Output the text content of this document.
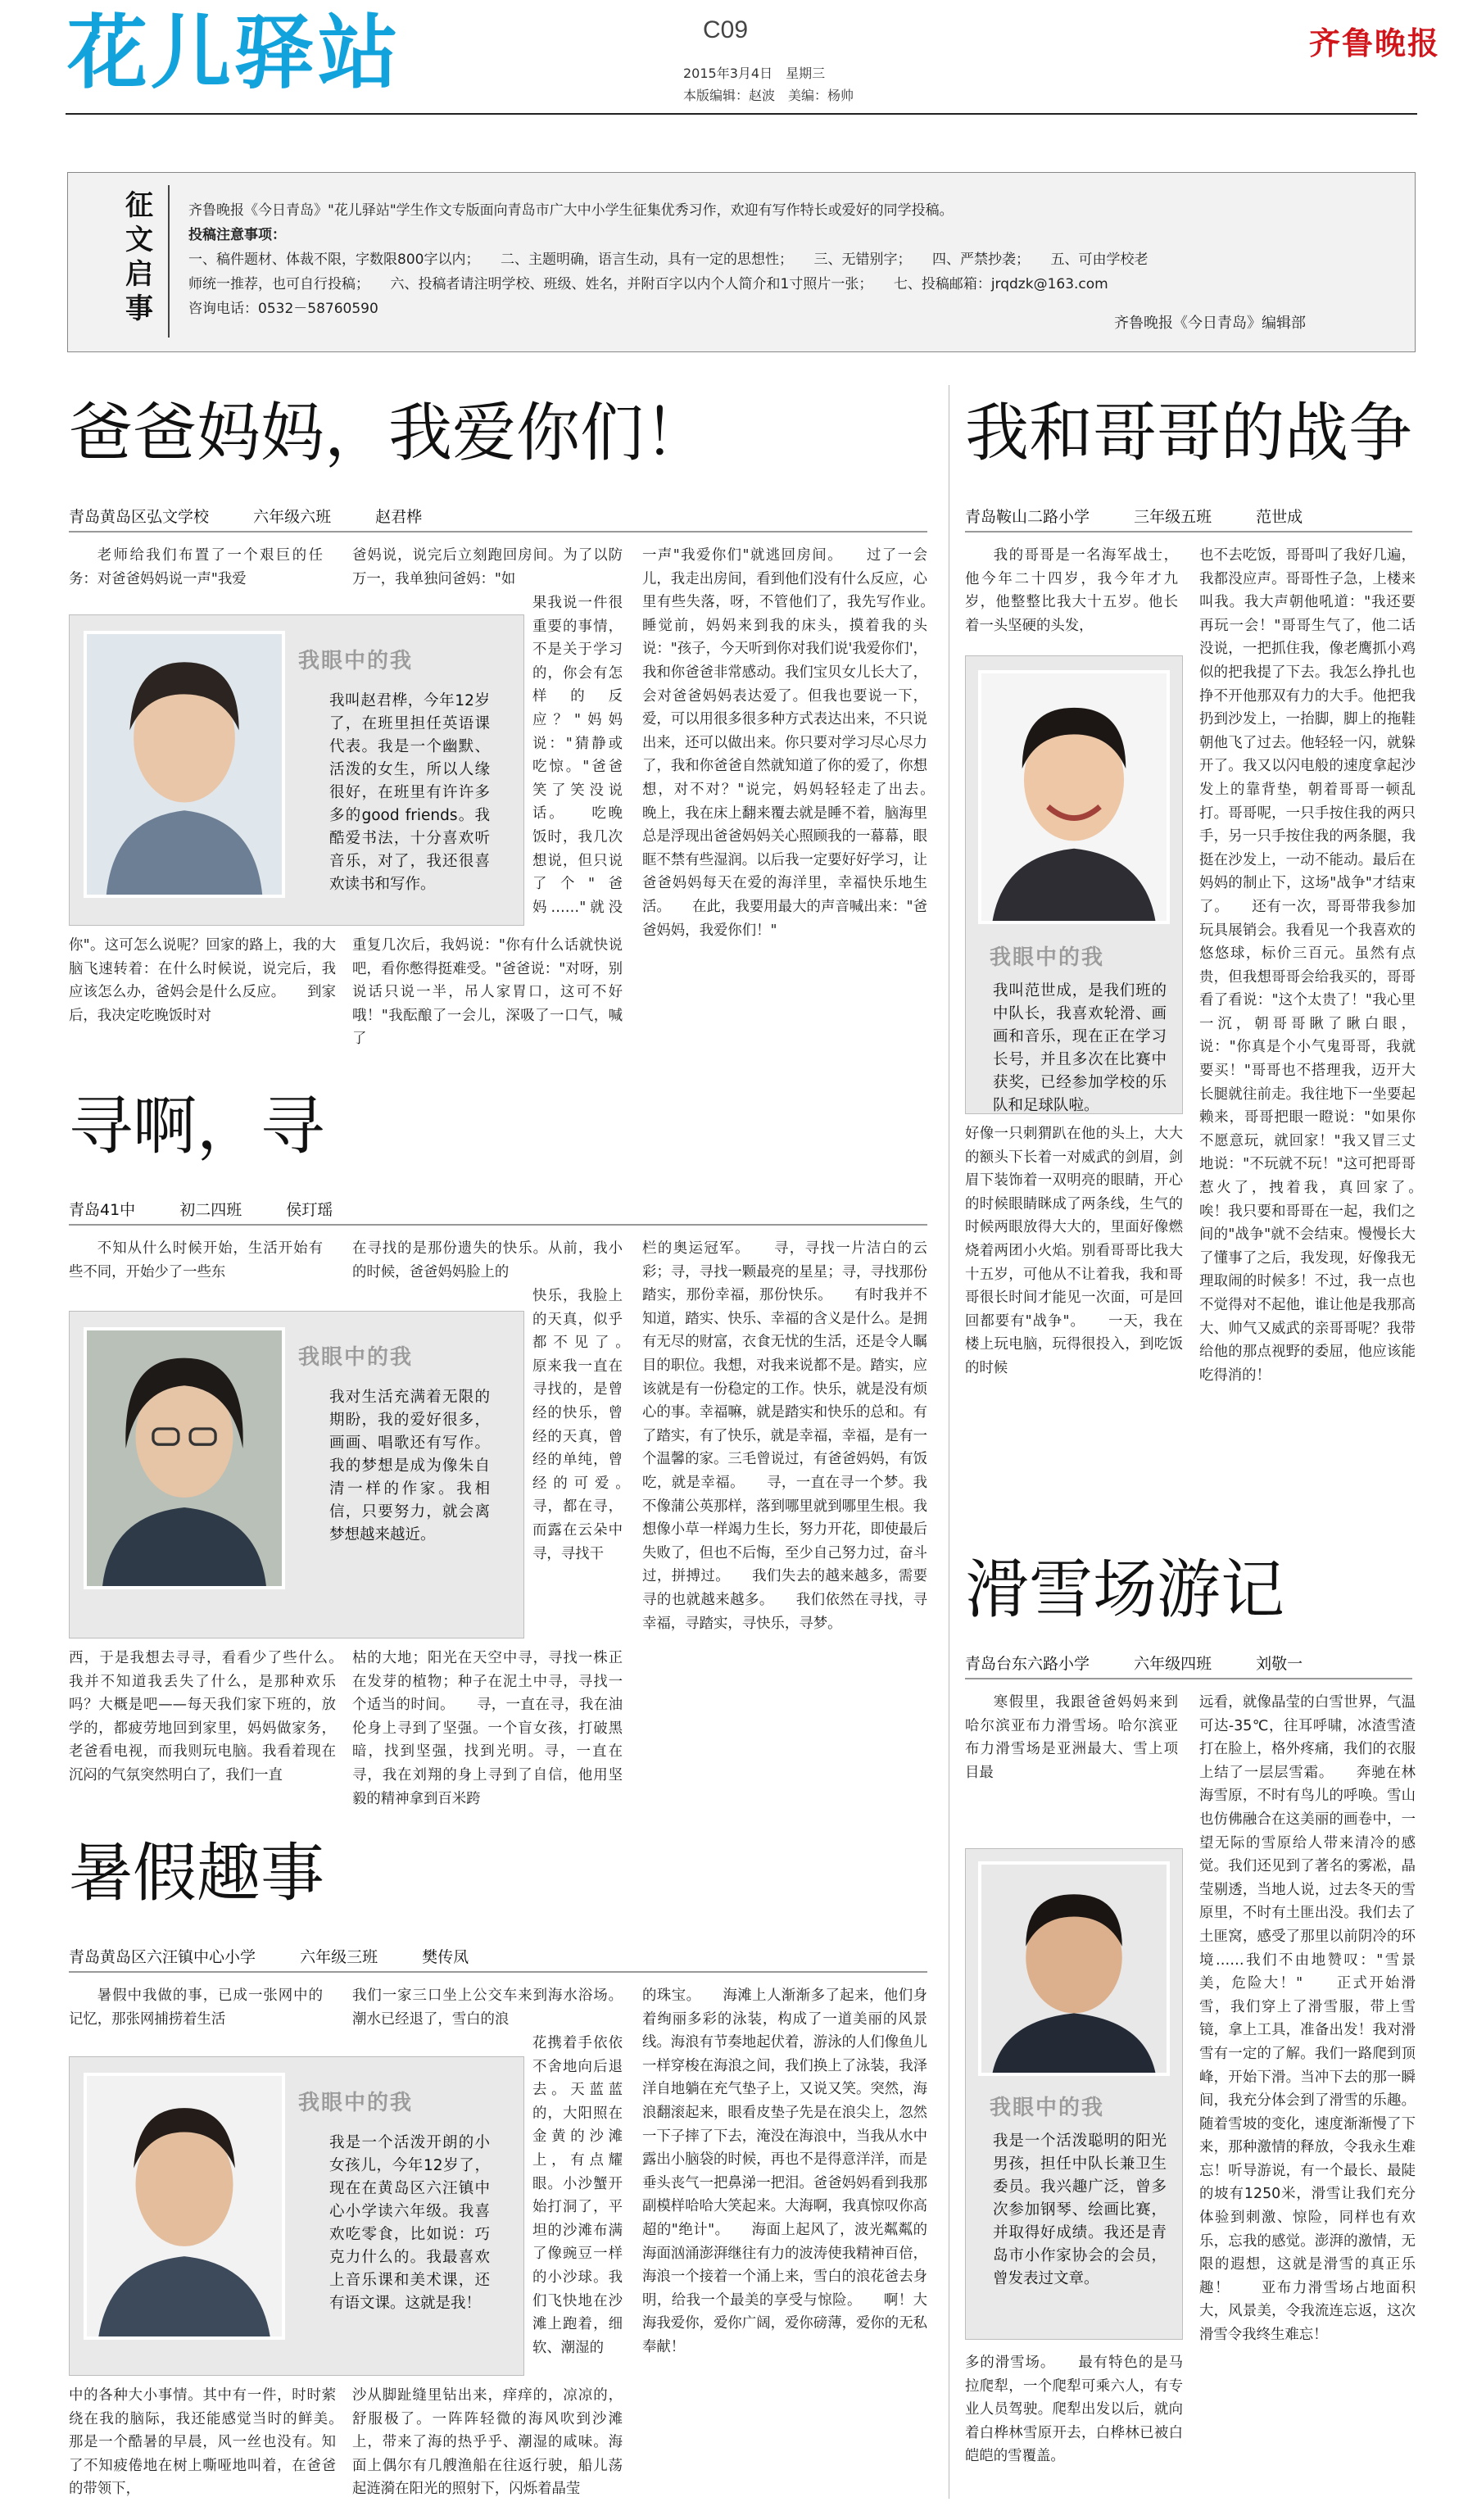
花儿驿站	C09
2015年3月4日　星期三
本版编辑：赵波　美编：杨帅
齐鲁晚报
征文启事

齐鲁晚报《今日青岛》"花儿驿站"学生作文专版面向青岛市广大中小学生征集优秀习作，欢迎有写作特长或爱好的同学投稿。

投稿注意事项：

一、稿件题材、体裁不限，字数限800字以内；　　二、主题明确，语言生动，具有一定的思想性；　　三、无错别字；　　四、严禁抄袭；　　五、可由学校老

师统一推荐，也可自行投稿；　　六、投稿者请注明学校、班级、姓名，并附百字以内个人简介和1寸照片一张；　　七、投稿邮箱：jrqdzk@163.com

咨询电话：0532－58760590

齐鲁晚报《今日青岛》编辑部
爸爸妈妈，我爱你们！
青岛黄岛区弘文学校	六年级六班	赵君桦

老师给我们布置了一个艰巨的任务：对爸爸妈妈说一声"我爱

爸妈说，说完后立刻跑回房间。为了以防万一，我单独问爸妈："如

果我说一件很重要的事情，不是关于学习的，你会有怎样的反应？"妈妈说："猜静或吃惊。"爸爸笑了笑没说话。　　吃晚饭时，我几次想说，但只说了个"爸妈……"就没

一声"我爱你们"就逃回房间。　　过了一会儿，我走出房间，看到他们没有什么反应，心里有些失落，呀，不管他们了，我先写作业。　　睡觉前，妈妈来到我的床头，摸着我的头说："孩子，今天听到你对我们说'我爱你们'，我和你爸爸非常感动。我们宝贝女儿长大了，会对爸爸妈妈表达爱了。但我也要说一下，爱，可以用很多很多种方式表达出来，不只说出来，还可以做出来。你只要对学习尽心尽力了，我和你爸爸自然就知道了你的爱了，你想想，对不对？"说完，妈妈轻轻走了出去。　　晚上，我在床上翻来覆去就是睡不着，脑海里总是浮现出爸爸妈妈关心照顾我的一幕幕，眼眶不禁有些湿润。以后我一定要好好学习，让爸爸妈妈每天在爱的海洋里，幸福快乐地生活。　　在此，我要用最大的声音喊出来："爸爸妈妈，我爱你们！"

我眼中的我
我叫赵君桦，今年12岁了，在班里担任英语课代表。我是一个幽默、活泼的女生，所以人缘很好，在班里有许许多多的good friends。我酷爱书法，十分喜欢听音乐，对了，我还很喜欢读书和写作。

你"。这可怎么说呢？回家的路上，我的大脑飞速转着：在什么时候说，说完后，我应该怎么办，爸妈会是什么反应。　　到家后，我决定吃晚饭时对

重复几次后，我妈说："你有什么话就快说吧，看你憋得挺难受。"爸爸说："对呀，别说话只说一半，吊人家胃口，这可不好哦！"我酝酿了一会儿，深吸了一口气，喊了

寻啊，寻
青岛41中	初二四班	侯玎瑶

不知从什么时候开始，生活开始有些不同，开始少了一些东

在寻找的是那份遗失的快乐。从前，我小的时候，爸爸妈妈脸上的

快乐，我脸上的天真，似乎都不见了。　　原来我一直在寻找的，是曾经的快乐，曾经的天真，曾经的单纯，曾经的可爱。　　寻，都在寻，而露在云朵中寻，寻找干

栏的奥运冠军。　　寻，寻找一片洁白的云彩；寻，寻找一颗最亮的星星；寻，寻找那份踏实，那份幸福，那份快乐。　　有时我并不知道，踏实、快乐、幸福的含义是什么。是拥有无尽的财富，衣食无忧的生活，还是令人瞩目的职位。我想，对我来说都不是。踏实，应该就是有一份稳定的工作。快乐，就是没有烦心的事。幸福嘛，就是踏实和快乐的总和。有了踏实，有了快乐，就是幸福，幸福，是有一个温馨的家。三毛曾说过，有爸爸妈妈，有饭吃，就是幸福。　　寻，一直在寻一个梦。我不像蒲公英那样，落到哪里就到哪里生根。我想像小草一样竭力生长，努力开花，即使最后失败了，但也不后悔，至少自己努力过，奋斗过，拼搏过。　　我们失去的越来越多，需要寻的也就越来越多。　　我们依然在寻找，寻幸福，寻踏实，寻快乐，寻梦。

我眼中的我
我对生活充满着无限的期盼，我的爱好很多，画画、唱歌还有写作。我的梦想是成为像朱自清一样的作家。我相信，只要努力，就会离梦想越来越近。

西，于是我想去寻寻，看看少了些什么。　　我并不知道我丢失了什么，是那种欢乐吗？大概是吧——每天我们家下班的，放学的，都疲劳地回到家里，妈妈做家务，老爸看电视，而我则玩电脑。我看着现在沉闷的气氛突然明白了，我们一直

枯的大地；阳光在天空中寻，寻找一株正在发芽的植物；种子在泥土中寻，寻找一个适当的时间。　　寻，一直在寻，我在油伦身上寻到了坚强。一个盲女孩，打破黑暗，找到坚强，找到光明。寻，一直在寻，我在刘翔的身上寻到了自信，他用坚毅的精神拿到百米跨

暑假趣事
青岛黄岛区六汪镇中心小学	六年级三班	樊传凤

暑假中我做的事，已成一张网中的记忆，那张网捕捞着生活

我们一家三口坐上公交车来到海水浴场。潮水已经退了，雪白的浪

花携着手依依不舍地向后退去。天蓝蓝的，大阳照在金黄的沙滩上，有点耀眼。小沙蟹开始打洞了，平坦的沙滩布满了像豌豆一样的小沙球。我们飞快地在沙滩上跑着，细软、潮湿的

的珠宝。　　海滩上人渐渐多了起来，他们身着绚丽多彩的泳装，构成了一道美丽的风景线。海浪有节奏地起伏着，游泳的人们像鱼儿一样穿梭在海浪之间，我们换上了泳装，我泽洋自地躺在充气垫子上，又说又笑。突然，海浪翻滚起来，眼看皮垫子先是在浪尖上，忽然一下子摔了下去，淹没在海浪中，当我从水中露出小脑袋的时候，再也不是得意洋洋，而是垂头丧气一把鼻涕一把泪。爸爸妈妈看到我那副模样哈哈大笑起来。大海啊，我真惊叹你高超的"绝计"。　　海面上起风了，波光粼粼的海面汹涌澎湃继往有力的波涛使我精神百倍，海浪一个接着一个涌上来，雪白的浪花爸去身明，给我一个最美的享受与惊险。　　啊！大海我爱你，爱你广阔，爱你磅薄，爱你的无私奉献！

我眼中的我
我是一个活泼开朗的小女孩儿，今年12岁了，现在在黄岛区六汪镇中心小学读六年级。我喜欢吃零食，比如说：巧克力什么的。我最喜欢上音乐课和美术课，还有语文课。这就是我！

中的各种大小事情。其中有一件，时时萦绕在我的脑际，我还能感觉当时的鲜美。　　那是一个酷暑的早晨，风一丝也没有。知了不知疲倦地在树上嘶哑地叫着，在爸爸的带领下，

沙从脚趾缝里钻出来，痒痒的，凉凉的，舒服极了。一阵阵轻微的海风吹到沙滩上，带来了海的热乎乎、潮湿的咸味。海面上偶尔有几艘渔船在往返行驶，船儿荡起涟漪在阳光的照射下，闪烁着晶莹

我和哥哥的战争
青岛鞍山二路小学	三年级五班	范世成

我的哥哥是一名海军战士，他今年二十四岁，我今年才九岁，他整整比我大十五岁。他长着一头坚硬的头发，

我眼中的我
我叫范世成，是我们班的中队长，我喜欢轮滑、画画和音乐，现在正在学习长号，并且多次在比赛中获奖，已经参加学校的乐队和足球队啦。

好像一只刺猬趴在他的头上，大大的额头下长着一对威武的剑眉，剑眉下装饰着一双明亮的眼睛，开心的时候眼睛眯成了两条线，生气的时候两眼放得大大的，里面好像燃烧着两团小火焰。别看哥哥比我大十五岁，可他从不让着我，我和哥哥很长时间才能见一次面，可是回回都要有"战争"。　　一天，我在楼上玩电脑，玩得很投入，到吃饭的时候

也不去吃饭，哥哥叫了我好几遍，我都没应声。哥哥性子急，上楼来叫我。我大声朝他吼道："我还要再玩一会！"哥哥生气了，他二话没说，一把抓住我，像老鹰抓小鸡似的把我提了下去。我怎么挣扎也挣不开他那双有力的大手。他把我扔到沙发上，一抬脚，脚上的拖鞋朝他飞了过去。他轻轻一闪，就躲开了。我又以闪电般的速度拿起沙发上的靠背垫，朝着哥哥一顿乱打。哥哥呢，一只手按住我的两只手，另一只手按住我的两条腿，我挺在沙发上，一动不能动。最后在妈妈的制止下，这场"战争"才结束了。　　还有一次，哥哥带我参加玩具展销会。我看见一个我喜欢的悠悠球，标价三百元。虽然有点贵，但我想哥哥会给我买的，哥哥看了看说："这个太贵了！"我心里一沉，朝哥哥瞅了瞅白眼，说："你真是个小气鬼哥哥，我就要买！"哥哥也不搭理我，迈开大长腿就往前走。我往地下一坐要起赖来，哥哥把眼一瞪说："如果你不愿意玩，就回家！"我又冒三丈地说："不玩就不玩！"这可把哥哥惹火了，拽着我，真回家了。　　唉！我只要和哥哥在一起，我们之间的"战争"就不会结束。慢慢长大了懂事了之后，我发现，好像我无理取闹的时候多！不过，我一点也不觉得对不起他，谁让他是我那高大、帅气又威武的亲哥哥呢？我带给他的那点视野的委屈，他应该能吃得消的！

滑雪场游记
青岛台东六路小学	六年级四班	刘敬一

寒假里，我跟爸爸妈妈来到哈尔滨亚布力滑雪场。哈尔滨亚布力滑雪场是亚洲最大、雪上项目最

我眼中的我
我是一个活泼聪明的阳光男孩，担任中队长兼卫生委员。我兴趣广泛，曾多次参加钢琴、绘画比赛，并取得好成绩。我还是青岛市小作家协会的会员，曾发表过文章。

多的滑雪场。　　最有特色的是马拉爬犁，一个爬犁可乘六人，有专业人员驾驶。爬犁出发以后，就向着白桦林雪原开去，白桦林已被白皑皑的雪覆盖。

远看，就像晶莹的白雪世界，气温可达-35℃，往耳呼啸，冰渣雪渣打在脸上，格外疼痛，我们的衣服上结了一层层雪霜。　　奔驰在林海雪原，不时有鸟儿的呼唤。雪山也仿佛融合在这美丽的画卷中，一望无际的雪原给人带来清冷的感觉。我们还见到了著名的雾凇，晶莹剔透，当地人说，过去冬天的雪原里，不时有土匪出没。我们去了土匪窝，感受了那里以前阴冷的环境……我们不由地赞叹："雪景美，危险大！"　　正式开始滑雪，我们穿上了滑雪服，带上雪镜，拿上工具，准备出发！我对滑雪有一定的了解。我们一路爬到顶峰，开始下滑。当冲下去的那一瞬间，我充分体会到了滑雪的乐趣。随着雪坡的变化，速度渐渐慢了下来，那种激情的释放，令我永生难忘！听导游说，有一个最长、最陡的坡有1250米，滑雪让我们充分体验到刺激、惊险，同样也有欢乐，忘我的感觉。澎湃的激情，无限的遐想，这就是滑雪的真正乐趣！　　亚布力滑雪场占地面积大，风景美，令我流连忘返，这次滑雪令我终生难忘！
